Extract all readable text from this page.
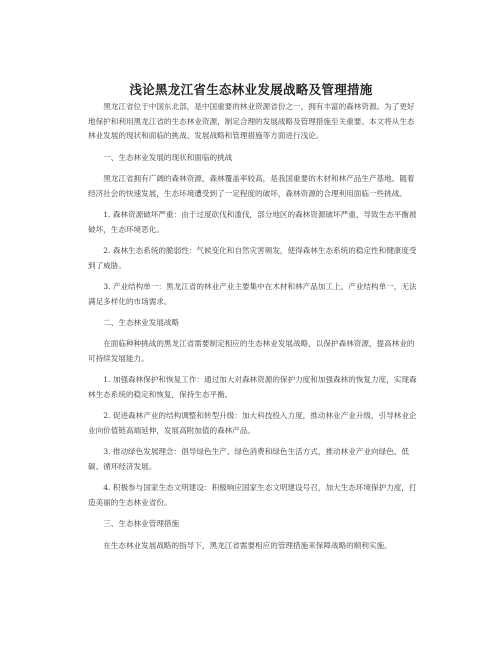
浅论黑龙江省生态林业发展战略及管理措施

黑龙江省位于中国东北部，是中国重要的林业资源省份之一，拥有丰富的森林资源。为了更好地保护和利用黑龙江省的生态林业资源，制定合理的发展战略及管理措施至关重要。本文将从生态林业发展的现状和面临的挑战、发展战略和管理措施等方面进行浅论。

一、生态林业发展的现状和面临的挑战

黑龙江省拥有广阔的森林资源，森林覆盖率较高，是我国重要的木材和林产品生产基地。随着经济社会的快速发展，生态环境遭受到了一定程度的破坏，森林资源的合理利用面临一些挑战。

1. 森林资源破坏严重：由于过度砍伐和滥伐，部分地区的森林资源破坏严重，导致生态平衡被破坏，生态环境恶化。

2. 森林生态系统的脆弱性：气候变化和自然灾害频发，使得森林生态系统的稳定性和健康度受到了威胁。

3. 产业结构单一：黑龙江省的林业产业主要集中在木材和林产品加工上，产业结构单一，无法满足多样化的市场需求。

二、生态林业发展战略

在面临种种挑战的黑龙江省需要制定相应的生态林业发展战略，以保护森林资源，提高林业的可持续发展能力。

1. 加强森林保护和恢复工作：通过加大对森林资源的保护力度和加强森林的恢复力度，实现森林生态系统的稳定和恢复，保持生态平衡。

2. 促进森林产业的结构调整和转型升级：加大科技投入力度，推动林业产业升级，引导林业企业向价值链高端延伸，发展高附加值的森林产品。

3. 推动绿色发展理念：倡导绿色生产、绿色消费和绿色生活方式，推动林业产业向绿色、低碳、循环经济发展。

4. 积极参与国家生态文明建设：积极响应国家生态文明建设号召，加大生态环境保护力度，打造美丽的生态林业省份。

三、生态林业管理措施

在生态林业发展战略的指导下，黑龙江省需要相应的管理措施来保障战略的顺利实施。
